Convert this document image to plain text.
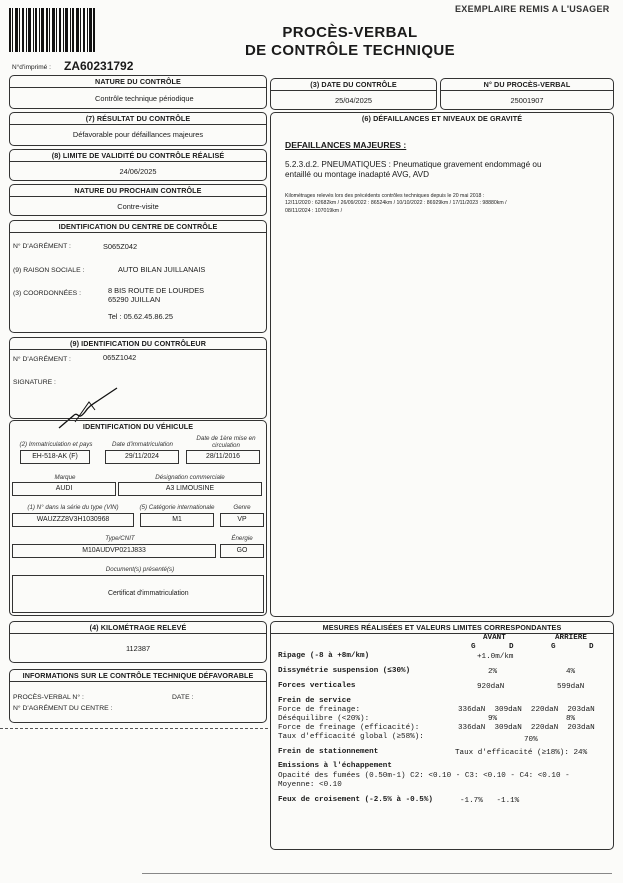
EXEMPLAIRE REMIS A L'USAGER
PROCÈS-VERBAL
DE CONTRÔLE TECHNIQUE
N°d'imprimé : ZA60231792
NATURE DU CONTRÔLE
Contrôle technique périodique
(3) DATE DU CONTRÔLE
25/04/2025
N° DU PROCÈS-VERBAL
25001907
(7) RÉSULTAT DU CONTRÔLE
Défavorable pour défaillances majeures
(8) LIMITE DE VALIDITÉ DU CONTRÔLE RÉALISÉ
24/06/2025
NATURE DU PROCHAIN CONTRÔLE
Contre-visite
IDENTIFICATION DU CENTRE DE CONTRÔLE
N° D'AGRÉMENT :	S065Z042
(9) RAISON SOCIALE :	AUTO BILAN JUILLANAIS
(3) COORDONNÉES :	8 BIS ROUTE DE LOURDES
65290 JUILLAN
Tel : 05.62.45.86.25
(9) IDENTIFICATION DU CONTRÔLEUR
N° D'AGRÉMENT :	065Z1042
SIGNATURE :
IDENTIFICATION DU VÉHICULE
(2) Immatriculation et pays
EH-518-AK (F)
Date d'immatriculation
29/11/2024
Date de 1ère mise en circulation
28/11/2016
Marque
AUDI
Désignation commerciale
A3 LIMOUSINE
(1) N° dans la série du type (VIN)
WAUZZZ8V3H1030968
(5) Catégorie internationale
M1
Genre
VP
Type/CNIT
M10AUDVP021J833
Énergie
GO
Document(s) présenté(s)
Certificat d'immatriculation
(6) DÉFAILLANCES ET NIVEAUX DE GRAVITÉ
DEFAILLANCES MAJEURES :
5.2.3.d.2. PNEUMATIQUES : Pneumatique gravement endommagé ou
entaillé ou montage inadapté AVG, AVD
Kilométrages relevés lors des précédents contrôles techniques depuis le 20 mai 2018 :
12/11/2020 : 62682km / 26/09/2022 : 86524km / 10/10/2022 : 86929km / 17/11/2023 : 98880km /
08/11/2024 : 107019km /
(4) KILOMÉTRAGE RELEVÉ
112387
INFORMATIONS SUR LE CONTRÔLE TECHNIQUE DÉFAVORABLE
PROCÈS-VERBAL N° :	DATE :
N° D'AGRÉMENT DU CENTRE :
MESURES RÉALISÉES ET VALEURS LIMITES CORRESPONDANTES
AVANT	ARRIERE
G	D	G	D
Ripage (-8 à +8m/km)	+1.0m/km
Dissymétrie suspension (≤30%)	2%	4%
Forces verticales	920daN	599daN
Frein de service
Force de freinage:	336daN  309daN  220daN  203daN
Déséquilibre (<20%):	9%	8%
Force de freinage (efficacité):	336daN  309daN  220daN  203daN
Taux d'efficacité global (≥58%):	70%
Frein de stationnement	Taux d'efficacité (≥18%): 24%
Emissions à l'échappement
Opacité des fumées (0.50m-1) C2: <0.10 - C3: <0.10 - C4: <0.10 -
Moyenne: <0.10
Feux de croisement (-2.5% à -0.5%)	-1.7%   -1.1%
